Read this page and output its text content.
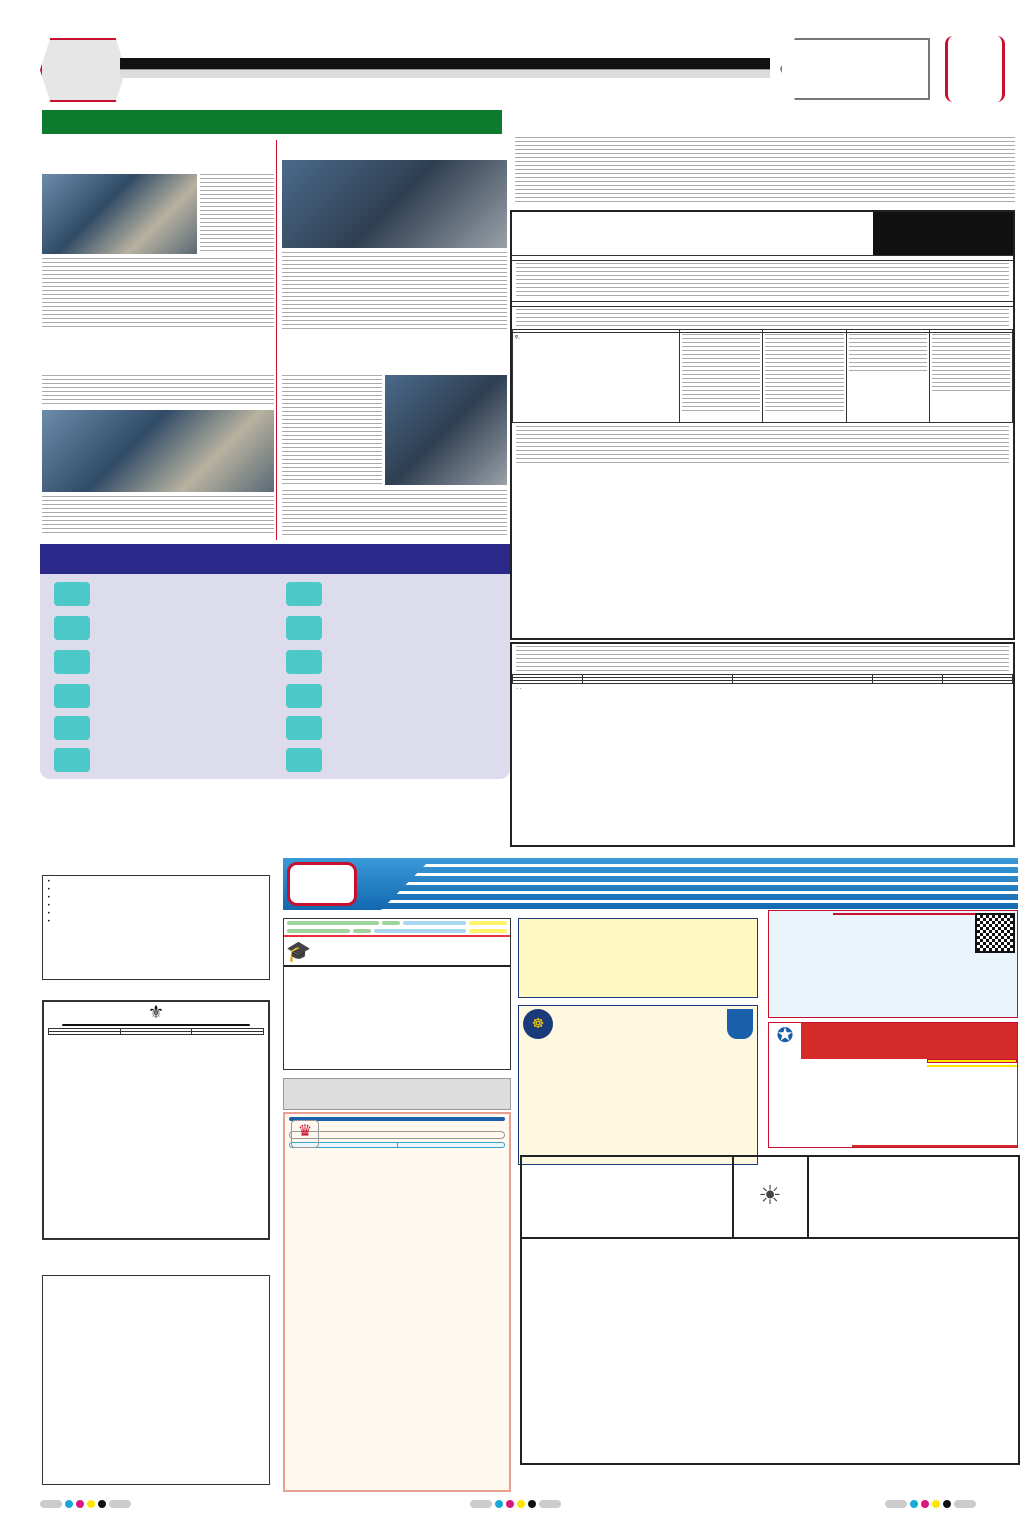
୧.	

· ·
•
•
•
•
•
•
⚜

🎓
♛
☸	✪
☀
